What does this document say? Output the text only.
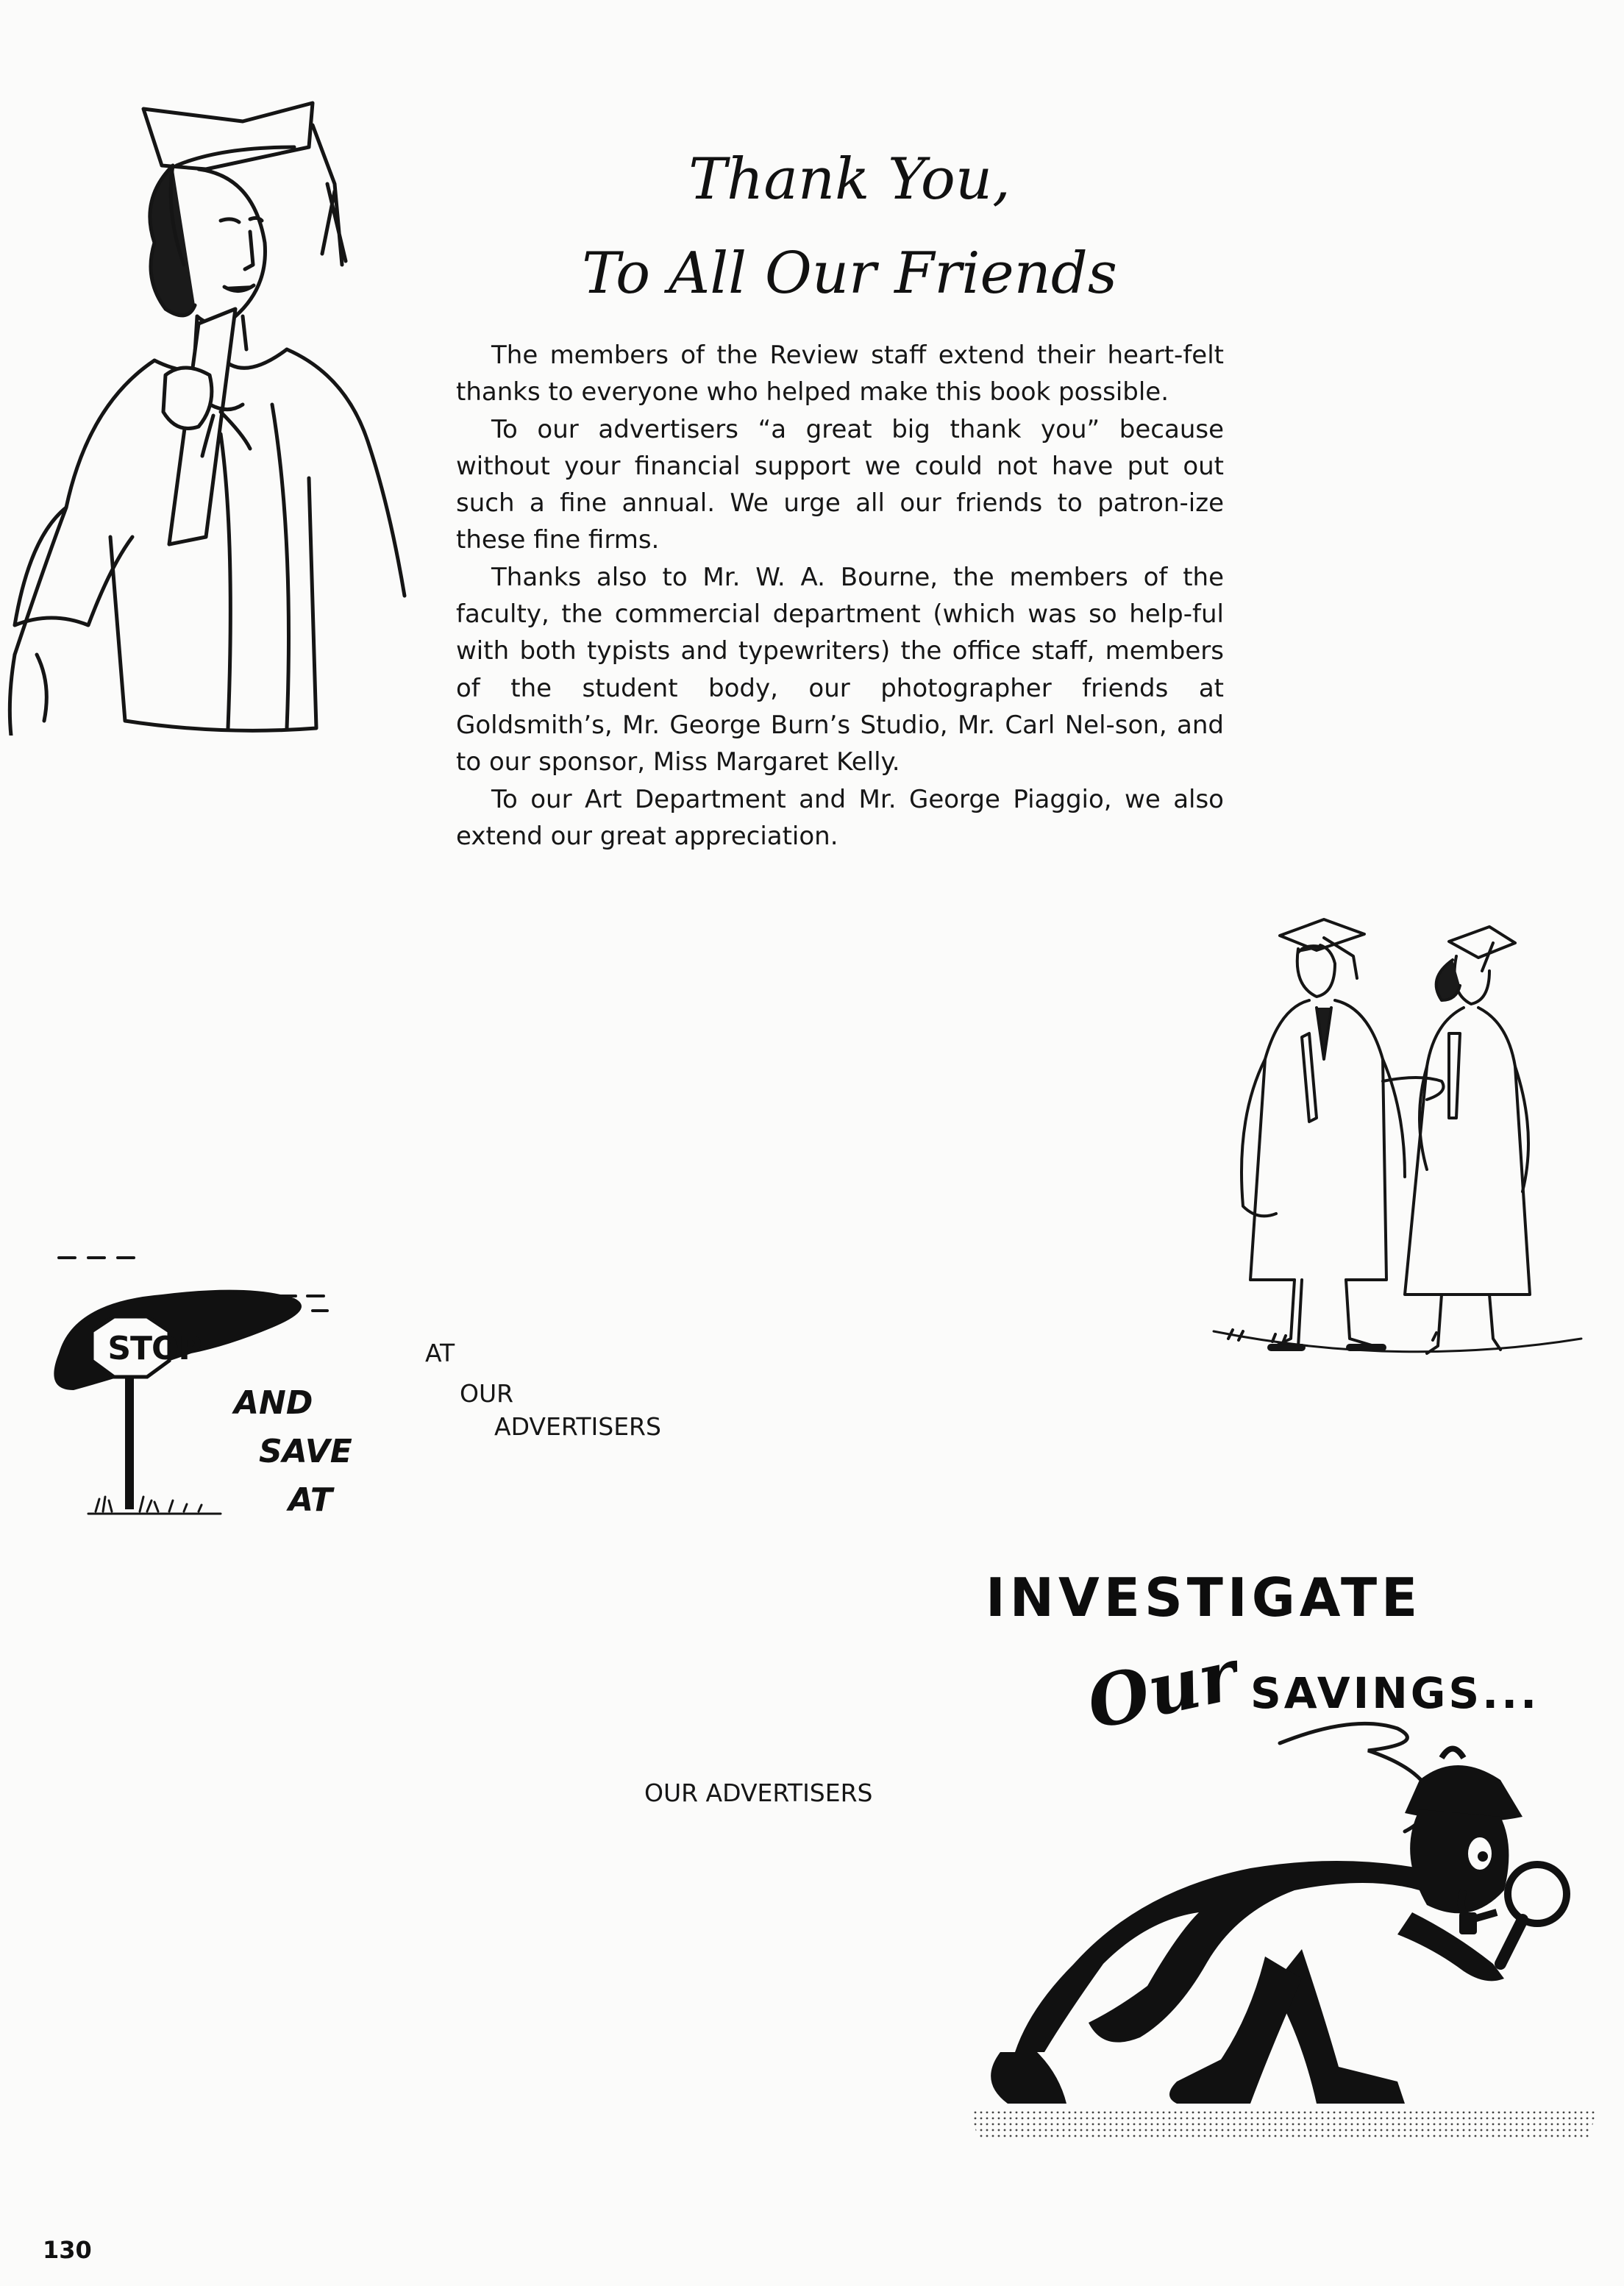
Thank You,
To All Our Friends

The members of the Review staff extend their heart-felt thanks to everyone who helped make this book possible.

To our advertisers “a great big thank you” because without your financial support we could not have put out such a fine annual. We urge all our friends to patron-ize these fine firms.

Thanks also to Mr. W. A. Bourne, the members of the faculty, the commercial department (which was so help-ful with both typists and typewriters) the office staff, members of the student body, our photographer friends at Goldsmith’s, Mr. George Burn’s Studio, Mr. Carl Nel-son, and to our sponsor, Miss Margaret Kelly.

To our Art Department and Mr. George Piaggio, we also extend our great appreciation.

STOP
AND
SAVE
AT
AT
OUR
ADVERTISERS
INVESTIGATE
Our SAVINGS...
OUR ADVERTISERS
130
